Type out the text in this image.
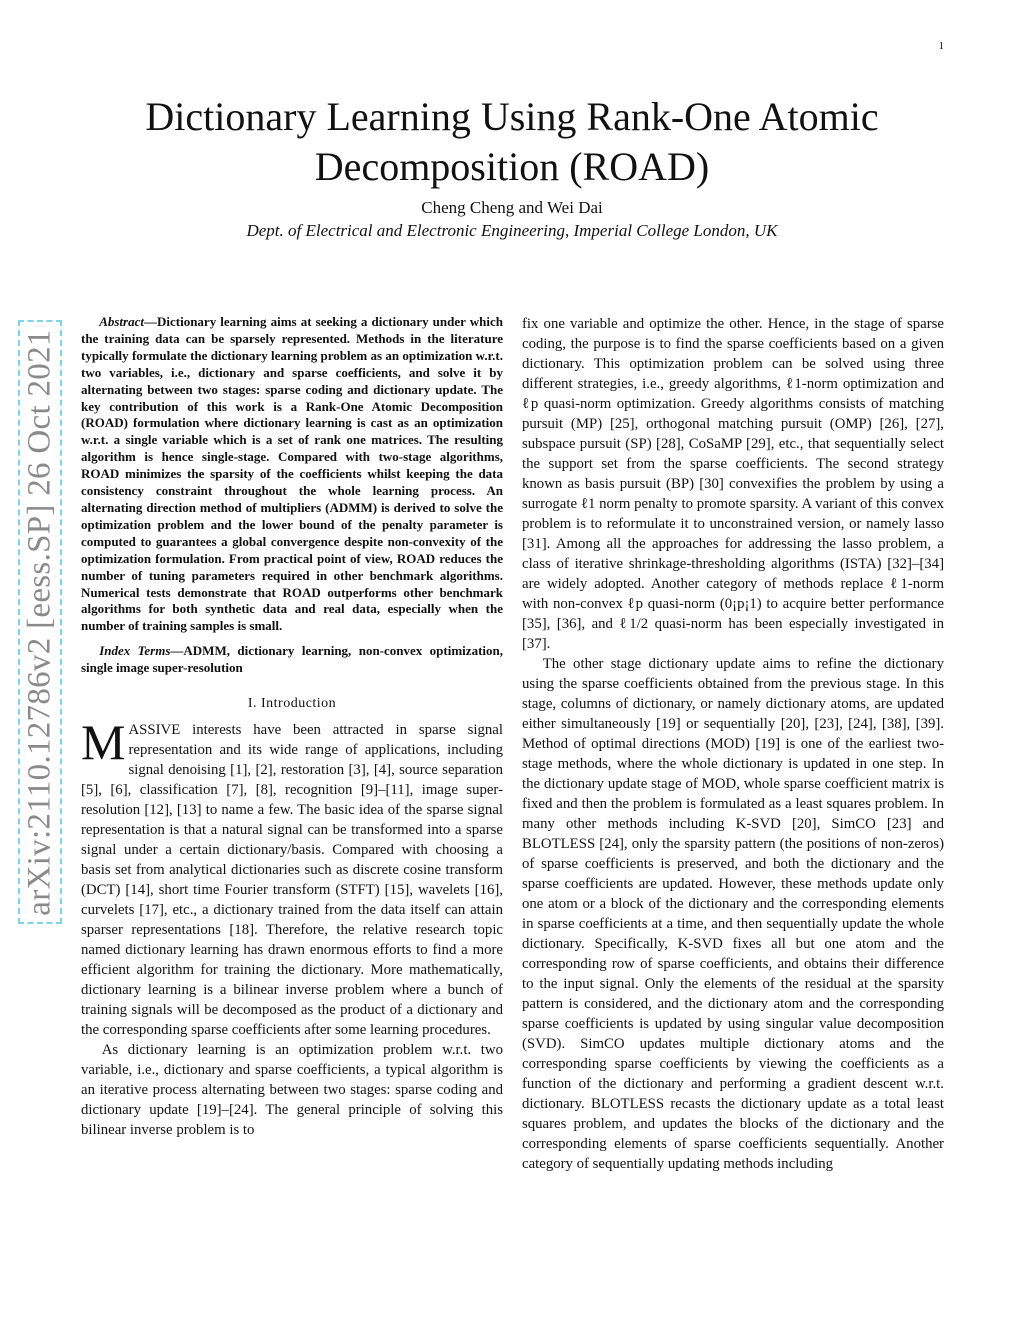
1
arXiv:2110.12786v2 [eess.SP] 26 Oct 2021
Dictionary Learning Using Rank-One Atomic Decomposition (ROAD)
Cheng Cheng and Wei Dai
Dept. of Electrical and Electronic Engineering, Imperial College London, UK

Abstract—Dictionary learning aims at seeking a dictionary under which the training data can be sparsely represented. Methods in the literature typically formulate the dictionary learning problem as an optimization w.r.t. two variables, i.e., dictionary and sparse coefficients, and solve it by alternating between two stages: sparse coding and dictionary update. The key contribution of this work is a Rank-One Atomic Decomposition (ROAD) formulation where dictionary learning is cast as an optimization w.r.t. a single variable which is a set of rank one matrices. The resulting algorithm is hence single-stage. Compared with two-stage algorithms, ROAD minimizes the sparsity of the coefficients whilst keeping the data consistency constraint throughout the whole learning process. An alternating direction method of multipliers (ADMM) is derived to solve the optimization problem and the lower bound of the penalty parameter is computed to guarantees a global convergence despite non-convexity of the optimization formulation. From practical point of view, ROAD reduces the number of tuning parameters required in other benchmark algorithms. Numerical tests demonstrate that ROAD outperforms other benchmark algorithms for both synthetic data and real data, especially when the number of training samples is small.

Index Terms—ADMM, dictionary learning, non-convex optimization, single image super-resolution

I. Introduction

MASSIVE interests have been attracted in sparse signal representation and its wide range of applications, including signal denoising [1], [2], restoration [3], [4], source separation [5], [6], classification [7], [8], recognition [9]–[11], image super-resolution [12], [13] to name a few. The basic idea of the sparse signal representation is that a natural signal can be transformed into a sparse signal under a certain dictionary/basis. Compared with choosing a basis set from analytical dictionaries such as discrete cosine transform (DCT) [14], short time Fourier transform (STFT) [15], wavelets [16], curvelets [17], etc., a dictionary trained from the data itself can attain sparser representations [18]. Therefore, the relative research topic named dictionary learning has drawn enormous efforts to find a more efficient algorithm for training the dictionary. More mathematically, dictionary learning is a bilinear inverse problem where a bunch of training signals will be decomposed as the product of a dictionary and the corresponding sparse coefficients after some learning procedures.

As dictionary learning is an optimization problem w.r.t. two variable, i.e., dictionary and sparse coefficients, a typical algorithm is an iterative process alternating between two stages: sparse coding and dictionary update [19]–[24]. The general principle of solving this bilinear inverse problem is to

fix one variable and optimize the other. Hence, in the stage of sparse coding, the purpose is to find the sparse coefficients based on a given dictionary. This optimization problem can be solved using three different strategies, i.e., greedy algorithms, ℓ1-norm optimization and ℓp quasi-norm optimization. Greedy algorithms consists of matching pursuit (MP) [25], orthogonal matching pursuit (OMP) [26], [27], subspace pursuit (SP) [28], CoSaMP [29], etc., that sequentially select the support set from the sparse coefficients. The second strategy known as basis pursuit (BP) [30] convexifies the problem by using a surrogate ℓ1 norm penalty to promote sparsity. A variant of this convex problem is to reformulate it to unconstrained version, or namely lasso [31]. Among all the approaches for addressing the lasso problem, a class of iterative shrinkage-thresholding algorithms (ISTA) [32]–[34] are widely adopted. Another category of methods replace ℓ1-norm with non-convex ℓp quasi-norm (0¡p¡1) to acquire better performance [35], [36], and ℓ1/2 quasi-norm has been especially investigated in [37].

The other stage dictionary update aims to refine the dictionary using the sparse coefficients obtained from the previous stage. In this stage, columns of dictionary, or namely dictionary atoms, are updated either simultaneously [19] or sequentially [20], [23], [24], [38], [39]. Method of optimal directions (MOD) [19] is one of the earliest two-stage methods, where the whole dictionary is updated in one step. In the dictionary update stage of MOD, whole sparse coefficient matrix is fixed and then the problem is formulated as a least squares problem. In many other methods including K-SVD [20], SimCO [23] and BLOTLESS [24], only the sparsity pattern (the positions of non-zeros) of sparse coefficients is preserved, and both the dictionary and the sparse coefficients are updated. However, these methods update only one atom or a block of the dictionary and the corresponding elements in sparse coefficients at a time, and then sequentially update the whole dictionary. Specifically, K-SVD fixes all but one atom and the corresponding row of sparse coefficients, and obtains their difference to the input signal. Only the elements of the residual at the sparsity pattern is considered, and the dictionary atom and the corresponding sparse coefficients is updated by using singular value decomposition (SVD). SimCO updates multiple dictionary atoms and the corresponding sparse coefficients by viewing the coefficients as a function of the dictionary and performing a gradient descent w.r.t. dictionary. BLOTLESS recasts the dictionary update as a total least squares problem, and updates the blocks of the dictionary and the corresponding elements of sparse coefficients sequentially. Another category of sequentially updating methods including
